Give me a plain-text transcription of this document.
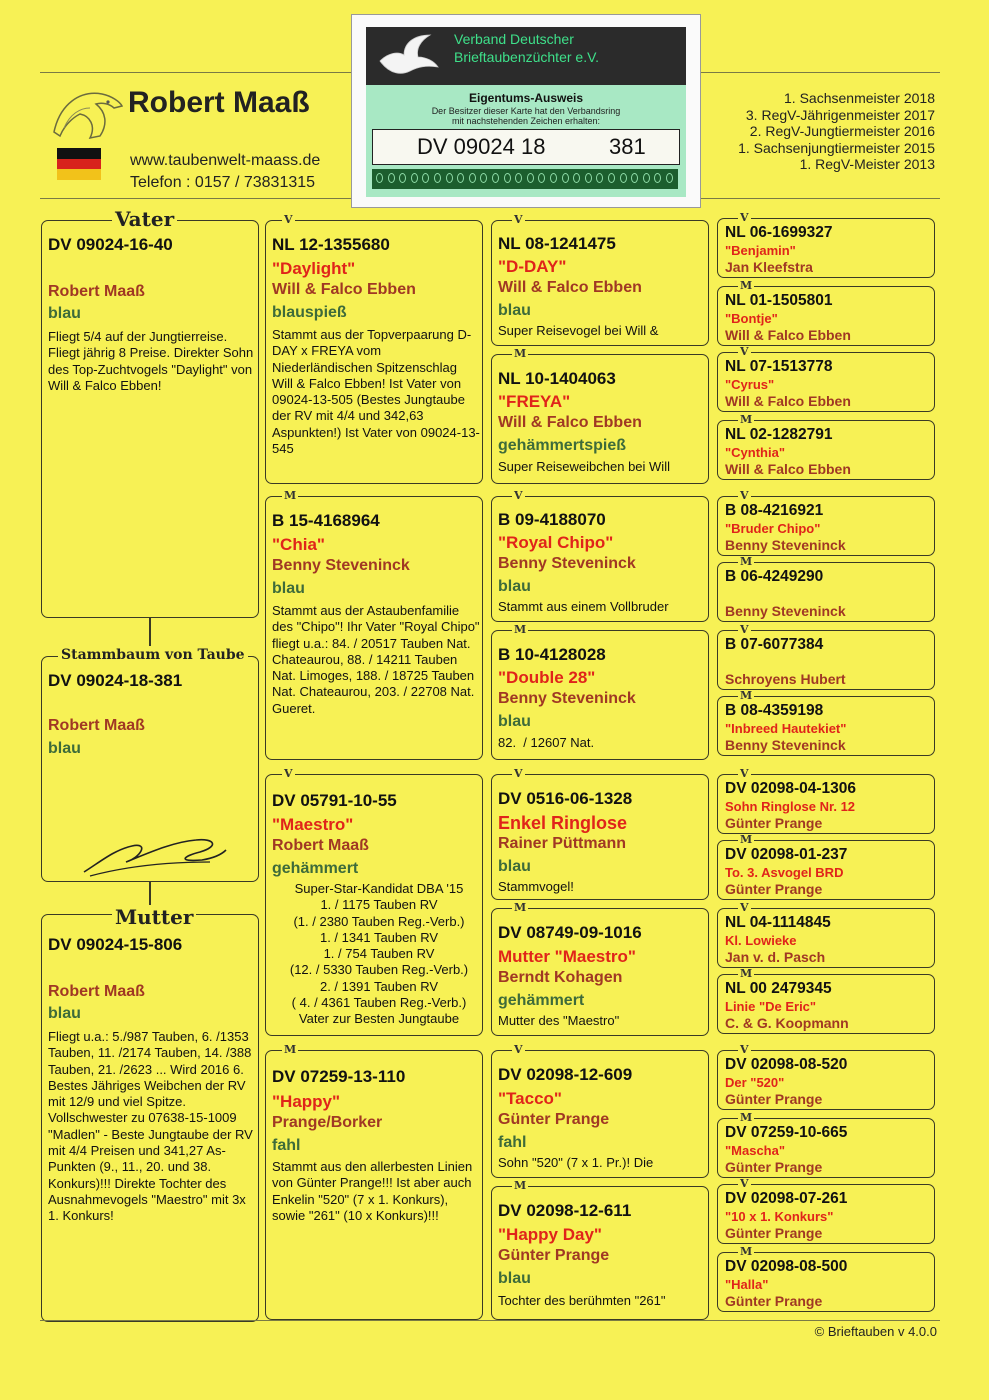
Robert Maaß
www.taubenwelt-maass.de
Telefon : 0157 / 73831315
1. Sachsenmeister 2018
3. RegV-Jährigenmeister 2017
2. RegV-Jungtiermeister 2016
1. Sachsenjungtiermeister 2015
1. RegV-Meister 2013
Verband Deutscher
Brieftaubenzüchter e.V.
Eigentums-Ausweis
Der Besitzer dieser Karte hat den Verbandsring
mit nachstehenden Zeichen erhalten:
DV 09024 18	381
DV 09024-16-40
Robert Maaß
blau
Fliegt 5/4 auf der Jungtierreise. Fliegt jährig 8 Preise. Direkter Sohn des Top-Zuchtvogels "Daylight" von Will & Falco Ebben!
Vater
DV 09024-18-381
Robert Maaß
blau
Stammbaum von Taube
DV 09024-15-806
Robert Maaß
blau
Fliegt u.a.: 5./987 Tauben, 6. /1353 Tauben, 11. /2174 Tauben, 14. /388 Tauben, 21. /2623 ... Wird 2016 6. Bestes Jähriges Weibchen der RV mit 12/9 und viel Spitze. Vollschwester zu 07638-15-1009 "Madlen" - Beste Jungtaube der RV mit 4/4 Preisen und 341,27 As-Punkten (9., 11., 20. und 38. Konkurs)!!! Direkte Tochter des Ausnahmevogels "Maestro" mit 3x 1. Konkurs!
Mutter
NL 12-1355680
"Daylight"
Will & Falco Ebben
blauspieß
Stammt aus der Topverpaarung D-DAY x FREYA vom Niederländischen Spitzenschlag Will & Falco Ebben! Ist Vater von 09024-13-505 (Bestes Jungtaube der RV mit 4/4 und 342,63 Aspunkten!) Ist Vater von 09024-13-545
V
B 15-4168964
"Chia"
Benny Steveninck
blau
Stammt aus der Astaubenfamilie des "Chipo"! Ihr Vater "Royal Chipo" fliegt u.a.: 84. / 20517 Tauben Nat. Chateaurou, 88. / 14211 Tauben Nat. Limoges, 188. / 18725 Tauben Nat. Chateaurou, 203. / 22708 Nat. Gueret.
M
DV 05791-10-55
"Maestro"
Robert Maaß
gehämmert
Super-Star-Kandidat DBA '15
1. / 1175 Tauben RV
(1. / 2380 Tauben Reg.-Verb.)
1. / 1341 Tauben RV
1. / 754 Tauben RV
(12. / 5330 Tauben Reg.-Verb.)
2. / 1391 Tauben RV
( 4. / 4361 Tauben Reg.-Verb.)
Vater zur Besten Jungtaube
V
DV 07259-13-110
"Happy"
Prange/Borker
fahl
Stammt aus den allerbesten Linien von Günter Prange!!! Ist aber auch Enkelin "520" (7 x 1. Konkurs), sowie "261" (10 x Konkurs)!!!
M
NL 08-1241475
"D-DAY"
Will & Falco Ebben
blau
Super Reisevogel bei Will &
V
NL 10-1404063
"FREYA"
Will & Falco Ebben
gehämmertspieß
Super Reiseweibchen bei Will
M
B 09-4188070
"Royal Chipo"
Benny Steveninck
blau
Stammt aus einem Vollbruder
V
B 10-4128028
"Double 28"
Benny Steveninck
blau
82.  / 12607 Nat.
M
DV 0516-06-1328
Enkel Ringlose
Rainer Püttmann
blau
Stammvogel!
V
DV 08749-09-1016
Mutter "Maestro"
Berndt Kohagen
gehämmert
Mutter des "Maestro"
M
DV 02098-12-609
"Tacco"
Günter Prange
fahl
Sohn "520" (7 x 1. Pr.)! Die
V
DV 02098-12-611
"Happy Day"
Günter Prange
blau
Tochter des berühmten "261"
M
NL 06-1699327
"Benjamin"
Jan Kleefstra
V
NL 01-1505801
"Bontje"
Will & Falco Ebben
M
NL 07-1513778
"Cyrus"
Will & Falco Ebben
V
NL 02-1282791
"Cynthia"
Will & Falco Ebben
M
B 08-4216921
"Bruder Chipo"
Benny Steveninck
V
B 06-4249290
Benny Steveninck
M
B 07-6077384
Schroyens Hubert
V
B 08-4359198
"Inbreed Hautekiet"
Benny Steveninck
M
DV 02098-04-1306
Sohn Ringlose Nr. 12
Günter Prange
V
DV 02098-01-237
To. 3. Asvogel BRD
Günter Prange
M
NL 04-1114845
Kl. Lowieke
Jan v. d. Pasch
V
NL 00 2479345
Linie "De Eric"
C. & G. Koopmann
M
DV 02098-08-520
Der "520"
Günter Prange
V
DV 07259-10-665
"Mascha"
Günter Prange
M
DV 02098-07-261
"10 x 1. Konkurs"
Günter Prange
V
DV 02098-08-500
"Halla"
Günter Prange
M
© Brieftauben v 4.0.0
